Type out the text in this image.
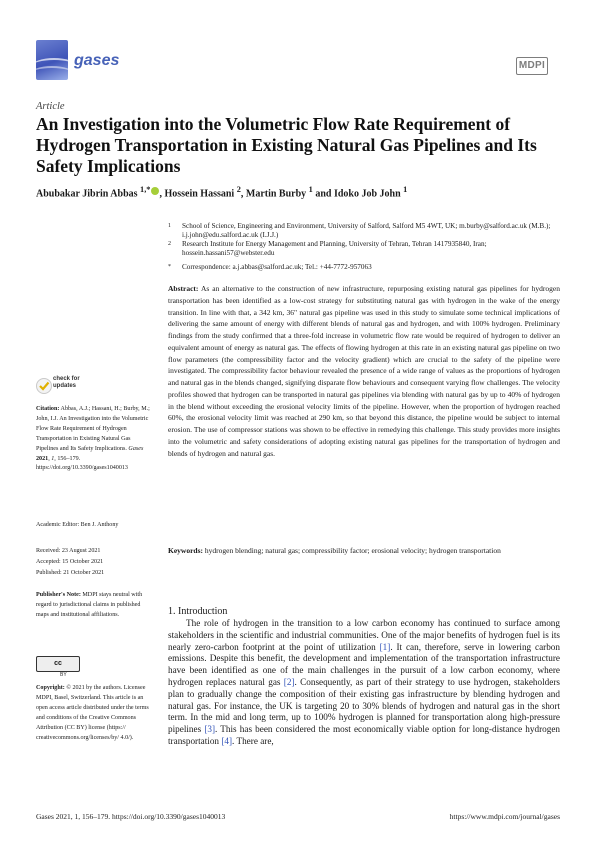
gases	MDPI
Article
An Investigation into the Volumetric Flow Rate Requirement of Hydrogen Transportation in Existing Natural Gas Pipelines and Its Safety Implications
Abubakar Jibrin Abbas $^{1,*}$ , Hossein Hassani $^2$, Martin Burby $^1$ and Idoko Job John $^1$
1 School of Science, Engineering and Environment, University of Salford, Salford M5 4WT, UK; m.burby@salford.ac.uk (M.B.); i.j.john@edu.salford.ac.uk (I.J.J.)
2 Research Institute for Energy Management and Planning, University of Tehran, Tehran 1417935840, Iran; hossein.hassani57@webster.edu
* Correspondence: a.j.abbas@salford.ac.uk; Tel.: +44-7772-957063
Abstract: As an alternative to the construction of new infrastructure, repurposing existing natural gas pipelines for hydrogen transportation has been identified as a low-cost strategy for substituting natural gas with hydrogen in the wake of the energy transition. In line with that, a 342 km, 36" natural gas pipeline was used in this study to simulate some technical implications of delivering the same amount of energy with different blends of natural gas and hydrogen, and with 100% hydrogen. Preliminary findings from the study confirmed that a three-fold increase in volumetric flow rate would be required of hydrogen to deliver an equivalent amount of energy as natural gas. The effects of flowing hydrogen at this rate in an existing natural gas pipeline on two flow parameters (the compressibility factor and the velocity gradient) which are crucial to the safety of the pipeline were investigated. The compressibility factor behaviour revealed the presence of a wide range of values as the proportions of hydrogen and natural gas in the blends changed, signifying disparate flow behaviours and consequent varying flow challenges. The velocity profiles showed that hydrogen can be transported in natural gas pipelines via blending with natural gas by up to 40% of hydrogen in the blend without exceeding the erosional velocity limits of the pipeline. However, when the proportion of hydrogen reached 60%, the erosional velocity limit was reached at 290 km, so that beyond this distance, the pipeline would be subject to internal erosion. The use of compressor stations was shown to be effective in remedying this challenge. This study provides more insights into the volumetric and safety considerations of adopting existing natural gas pipelines for the transportation of hydrogen and blends of hydrogen and natural gas.
Keywords: hydrogen blending; natural gas; compressibility factor; erosional velocity; hydrogen transportation
check for
updates
Citation: Abbas, A.J.; Hassani, H.; Burby, M.; John, I.J. An Investigation into the Volumetric Flow Rate Requirement of Hydrogen Transportation in Existing Natural Gas Pipelines and Its Safety Implications. Gases 2021, 1, 156–179. https://doi.org/10.3390/gases1040013
Academic Editor: Ben J. Anthony
Received: 23 August 2021
Accepted: 15 October 2021
Published: 21 October 2021
Publisher's Note: MDPI stays neutral with regard to jurisdictional claims in published maps and institutional affiliations.
cc
BY
Copyright: © 2021 by the authors. Licensee MDPI, Basel, Switzerland. This article is an open access article distributed under the terms and conditions of the Creative Commons Attribution (CC BY) license (https:// creativecommons.org/licenses/by/ 4.0/).
1. Introduction
The role of hydrogen in the transition to a low carbon economy has continued to surface among stakeholders in the scientific and industrial communities. One of the major benefits of hydrogen fuel is its nearly zero-carbon footprint at the point of utilization [1]. It can, therefore, serve in lowering carbon emissions. Despite this benefit, the development and implementation of the transportation infrastructure have been identified as one of the main challenges in the pursuit of a low carbon economy, where hydrogen replaces natural gas [2]. Consequently, as part of their strategy to use hydrogen, stakeholders plan to gradually change the composition of their existing gas infrastructure by blending hydrogen and natural gas. For instance, the UK is targeting 20 to 30% blends of hydrogen and natural gas in the short term. In the mid and long term, up to 100% hydrogen is planned for transportation along high-pressure pipelines [3]. This has been considered the most economically viable option for long-distance hydrogen transportation [4]. There are,
Gases 2021, 1, 156–179. https://doi.org/10.3390/gases1040013	https://www.mdpi.com/journal/gases
